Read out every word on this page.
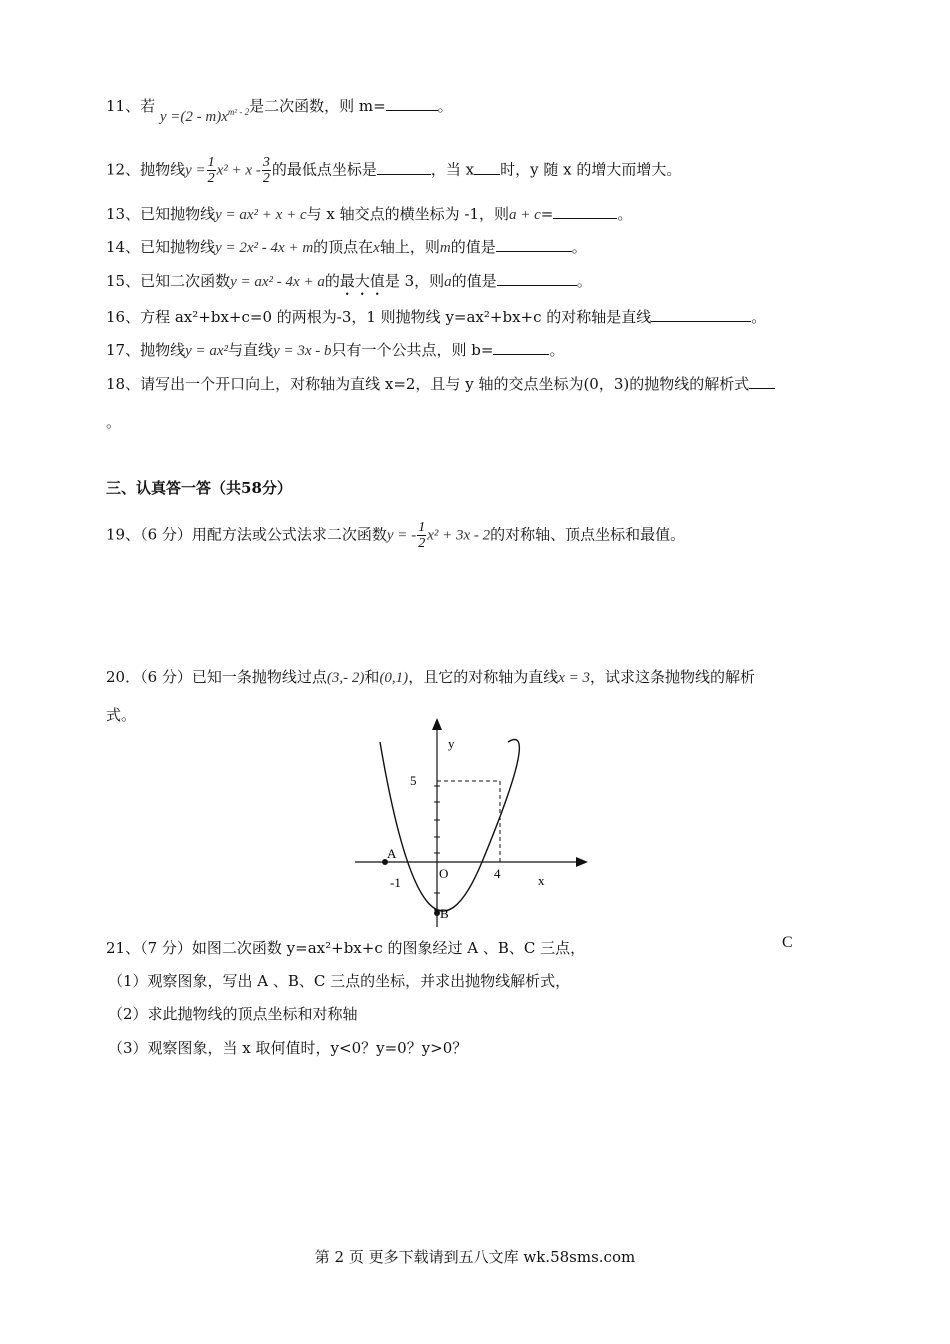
11、若 $y =(2 - m)x^{m^2 - 2}$是二次函数，则 m=	。
12、抛物线$y = \frac{1}{2} x^2 + x - \frac{3}{2}$ 的最低点坐标是	，当 x 时，y 随 x 的增大而增大。
13、已知抛物线y = ax² + x + c与 x 轴交点的横坐标为 -1，则a + c=	。
14、已知抛物线y = 2x² - 4x + m的顶点在x轴上，则m的值是	。
15、已知二次函数y = ax² - 4x + a的最大值是 3，则a的值是	。
16、方程 ax²+bx+c=0 的两根为-3，1 则抛物线 y=ax²+bx+c 的对称轴是直线	。
17、抛物线y = ax²与直线y = 3x - b只有一个公共点，则 b=	。
18、请写出一个开口向上，对称轴为直线 x=2，且与 y 轴的交点坐标为(0，3)的抛物线的解析式
。
三、认真答一答（共58分）
19、（6 分）用配方法或公式法求二次函数y = - $\frac{1}{2} x^2 + 3x - 2$的对称轴、顶点坐标和最值。
20．（6 分）已知一条抛物线过点(3,- 2)和(0,1)，且它的对称轴为直线x = 3，试求这条抛物线的解析
式。
y
x
5
A
B
O
-1
4
C
21、（7 分）如图二次函数 y=ax²+bx+c 的图象经过 A 、B、C 三点，
（1）观察图象，写出 A 、B、C 三点的坐标，并求出抛物线解析式，
（2）求此抛物线的顶点坐标和对称轴
（3）观察图象，当 x 取何值时，y<0？y=0？y>0？
第 2 页 更多下载请到五八文库 wk.58sms.com
